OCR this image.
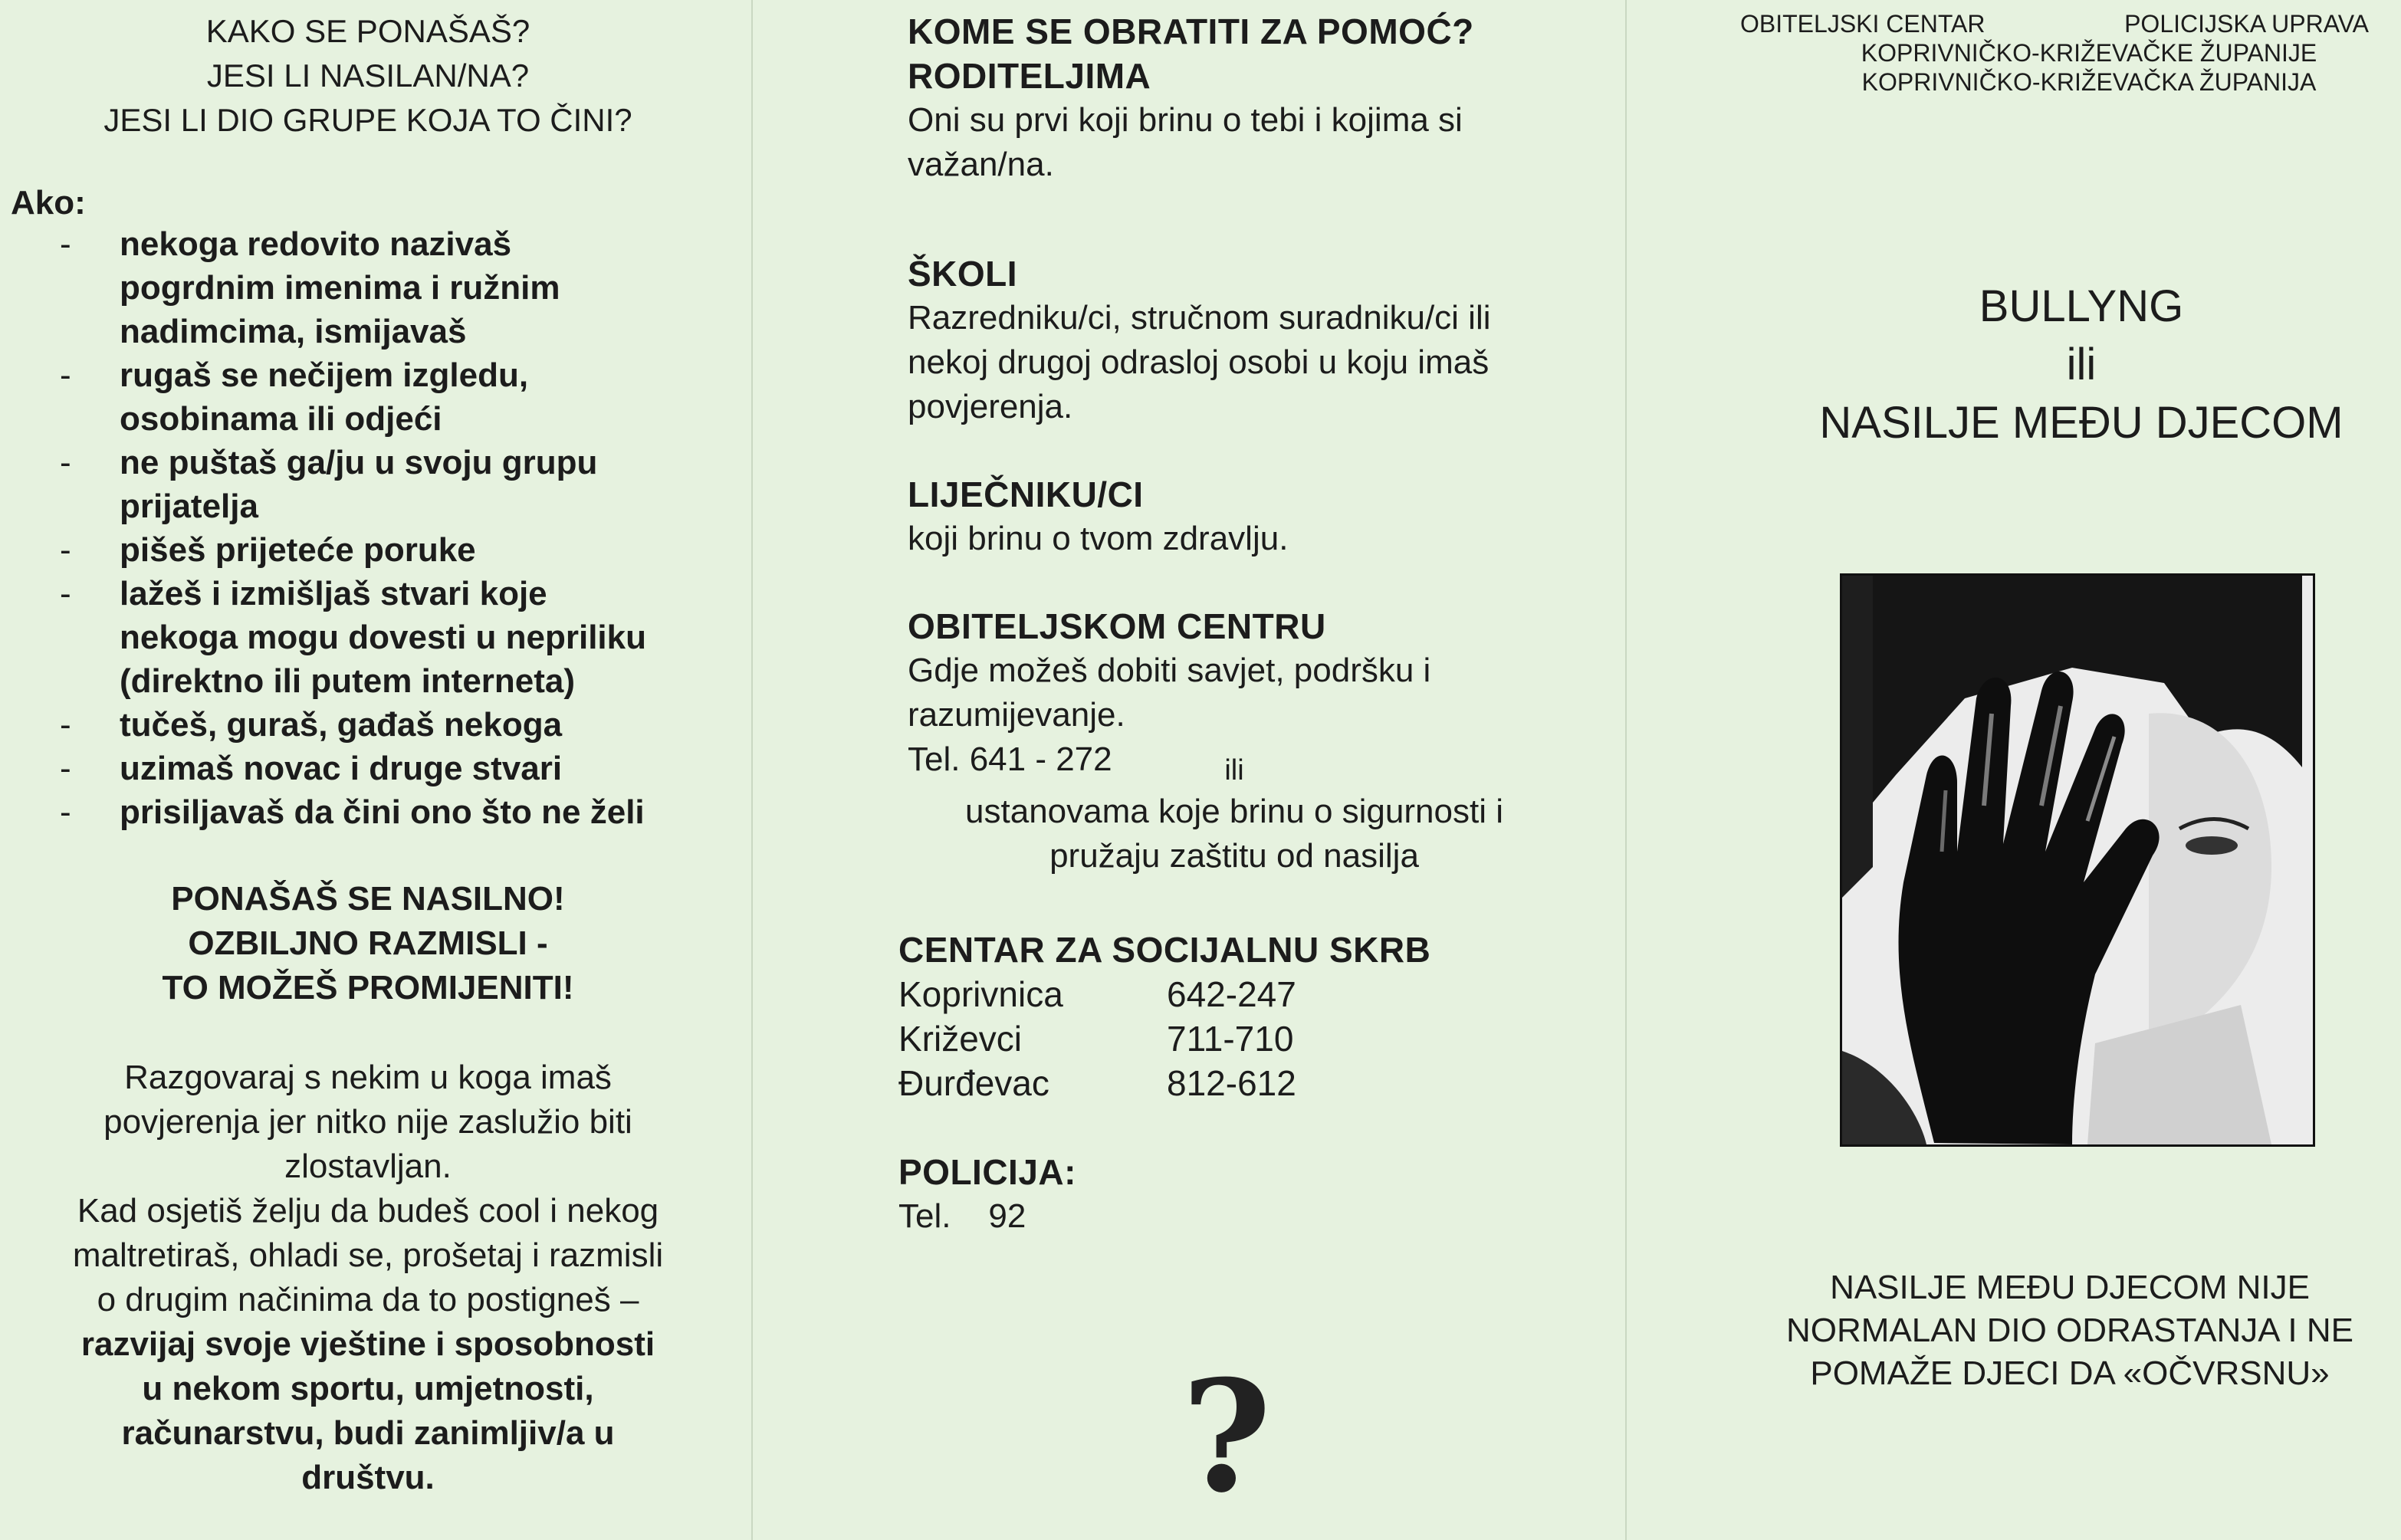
KAKO SE PONAŠAŠ?

JESI LI NASILAN/NA?

JESI LI DIO GRUPE KOJA TO ČINI?

Ako:

- nekoga redovito nazivaš
pogrdnim imenima i ružnim
nadimcima, ismijavaš
- rugaš se nečijem izgledu,
osobinama ili odjeći
- ne puštaš ga/ju u svoju grupu
prijatelja
- pišeš prijeteće poruke
- lažeš i izmišljaš stvari koje
nekoga mogu dovesti u nepriliku
(direktno ili putem interneta)
- tučeš, guraš, gađaš nekoga
- uzimaš novac i druge stvari
- prisiljavaš da čini ono što ne želi

PONAŠAŠ SE NASILNO!

OZBILJNO RAZMISLI -

TO MOŽEŠ PROMIJENITI!

Razgovaraj s nekim u koga imaš

povjerenja jer nitko nije zaslužio biti

zlostavljan.

Kad osjetiš želju da budeš cool i nekog

maltretiraš, ohladi se, prošetaj i razmisli

o drugim načinima da to postigneš –

razvijaj svoje vještine i sposobnosti

u nekom sportu, umjetnosti,

računarstvu, budi zanimljiv/a u

društvu.

KOME SE OBRATITI ZA POMOĆ?

RODITELJIMA

Oni su prvi koji brinu o tebi i kojima si

važan/na.

ŠKOLI

Razredniku/ci, stručnom suradniku/ci ili

nekoj drugoj odrasloj osobi u koju imaš

povjerenja.

LIJEČNIKU/CI

koji brinu o tvom zdravlju.

OBITELJSKOM CENTRU

Gdje možeš dobiti savjet, podršku i

razumijevanje.

Tel. 641 - 272	ili

ustanovama koje brinu o sigurnosti i

pružaju zaštitu od nasilja

CENTAR ZA SOCIJALNU SKRB

Koprivnica	642-247
Križevci	711-710
Đurđevac	812-612

POLICIJA:

Tel.    92

?
OBITELJSKI CENTAR	POLICIJSKA UPRAVA
KOPRIVNIČKO-KRIŽEVAČKE ŽUPANIJE
KOPRIVNIČKO-KRIŽEVAČKA ŽUPANIJA

BULLYNG

ili

NASILJE MEĐU DJECOM

NASILJE MEĐU DJECOM NIJE

NORMALAN DIO ODRASTANJA I NE

POMAŽE DJECI DA «OČVRSNU»
